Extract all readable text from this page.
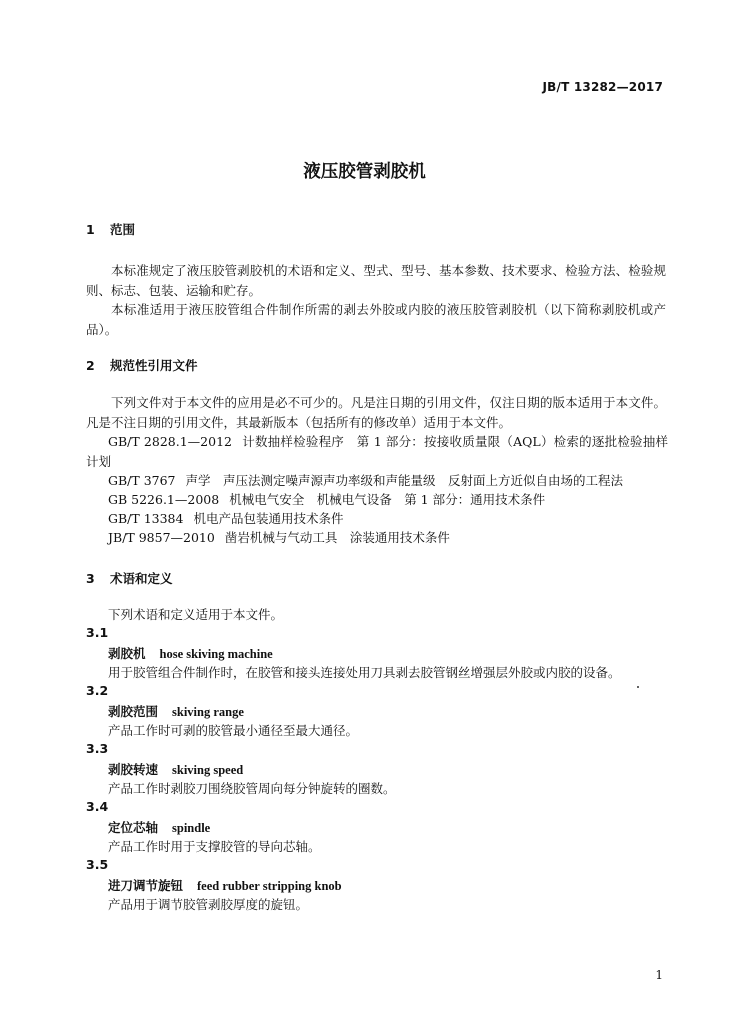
JB/T 13282—2017
液压胶管剥胶机
1 范围
本标准规定了液压胶管剥胶机的术语和定义、型式、型号、基本参数、技术要求、检验方法、检验规则、标志、包装、运输和贮存。
本标准适用于液压胶管组合件制作所需的剥去外胶或内胶的液压胶管剥胶机（以下简称剥胶机或产品）。
2 规范性引用文件
下列文件对于本文件的应用是必不可少的。凡是注日期的引用文件，仅注日期的版本适用于本文件。凡是不注日期的引用文件，其最新版本（包括所有的修改单）适用于本文件。
GB/T 2828.1—2012 计数抽样检验程序　第 1 部分：按接收质量限（AQL）检索的逐批检验抽样计划
GB/T 3767 声学　声压法测定噪声源声功率级和声能量级　反射面上方近似自由场的工程法
GB 5226.1—2008 机械电气安全　机械电气设备　第 1 部分：通用技术条件
GB/T 13384 机电产品包装通用技术条件
JB/T 9857—2010 凿岩机械与气动工具　涂装通用技术条件
3 术语和定义
下列术语和定义适用于本文件。
3.1
剥胶机 hose skiving machine
用于胶管组合件制作时，在胶管和接头连接处用刀具剥去胶管钢丝增强层外胶或内胶的设备。
3.2
剥胶范围 skiving range
产品工作时可剥的胶管最小通径至最大通径。
3.3
剥胶转速 skiving speed
产品工作时剥胶刀围绕胶管周向每分钟旋转的圈数。
3.4
定位芯轴 spindle
产品工作时用于支撑胶管的导向芯轴。
3.5
进刀调节旋钮 feed rubber stripping knob
产品用于调节胶管剥胶厚度的旋钮。
1
